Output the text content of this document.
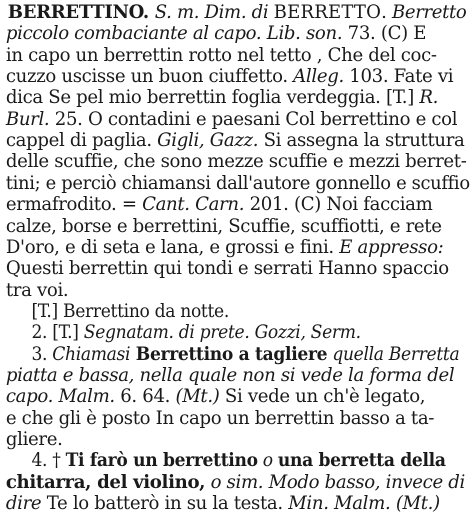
BERRETTINO. S. m. Dim. di BERRETTO. Berretto
piccolo combaciante al capo. Lib. son. 73. (C) E
in capo un berrettin rotto nel tetto , Che del coc-
cuzzo uscisse un buon ciuffetto. Alleg. 103. Fate vi
dica Se pel mio berrettin foglia verdeggia. [T.] R.
Burl. 25. O contadini e paesani Col berrettino e col
cappel di paglia. Gigli, Gazz. Si assegna la struttura
delle scuffie, che sono mezze scuffie e mezzi berret-
tini; e perciò chiamansi dall'autore gonnello e scuffio
ermafrodito. = Cant. Carn. 201. (C) Noi facciam
calze, borse e berrettini, Scuffie, scuffiotti, e rete
D'oro, e di seta e lana, e grossi e fini. E appresso:
Questi berrettin qui tondi e serrati Hanno spaccio
tra voi.
[T.] Berrettino da notte.
2. [T.] Segnatam. di prete. Gozzi, Serm.
3. Chiamasi Berrettino a tagliere quella Berretta
piatta e bassa, nella quale non si vede la forma del
capo. Malm. 6. 64. (Mt.) Si vede un ch'è legato,
e che gli è posto In capo un berrettin basso a ta-
gliere.
4. † Ti farò un berrettino o una berretta della
chitarra, del violino, o sim. Modo basso, invece di
dire Te lo batterò in su la testa. Min. Malm. (Mt.)
